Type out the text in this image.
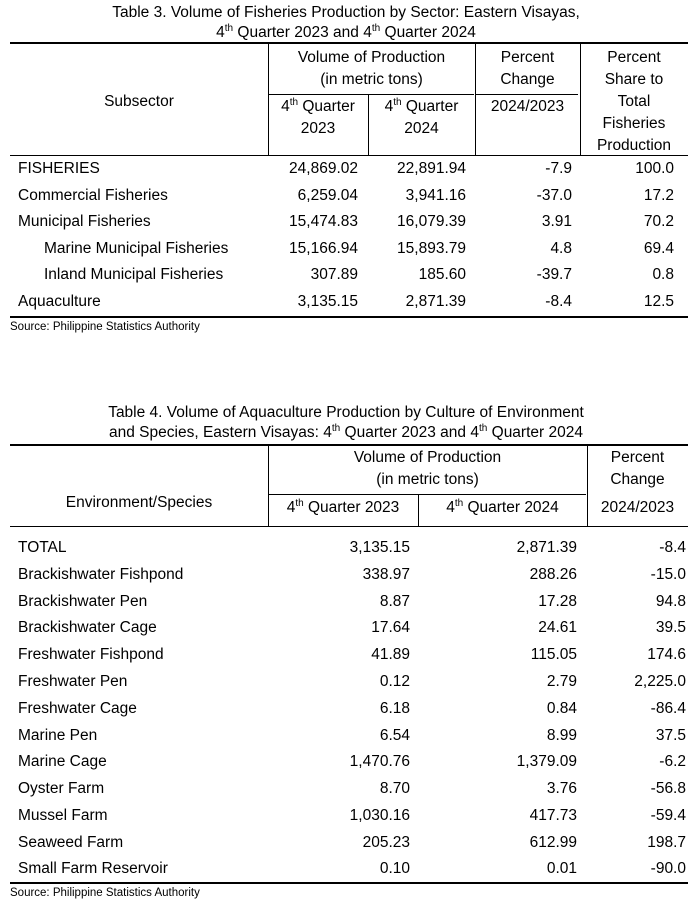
Table 3. Volume of Fisheries Production by Sector: Eastern Visayas,
4th Quarter 2023 and 4th Quarter 2024
Subsector
Volume of Production
(in metric tons)
4th Quarter
2023
4th Quarter
2024
Percent
Change
2024/2023
Percent
Share to
Total
Fisheries
Production
FISHERIES	24,869.02	22,891.94	-7.9	100.0
Commercial Fisheries	6,259.04	3,941.16	-37.0	17.2
Municipal Fisheries	15,474.83	16,079.39	3.91	70.2
Marine Municipal Fisheries	15,166.94	15,893.79	4.8	69.4
Inland Municipal Fisheries	307.89	185.60	-39.7	0.8
Aquaculture	3,135.15	2,871.39	-8.4	12.5
Source: Philippine Statistics Authority
Table 4. Volume of Aquaculture Production by Culture of Environment
and Species, Eastern Visayas: 4th Quarter 2023 and 4th Quarter 2024
Environment/Species
Volume of Production
(in metric tons)
4th Quarter 2023	4th Quarter 2024
Percent
Change
2024/2023
TOTAL	3,135.15	2,871.39	-8.4
Brackishwater Fishpond	338.97	288.26	-15.0
Brackishwater Pen	8.87	17.28	94.8
Brackishwater Cage	17.64	24.61	39.5
Freshwater Fishpond	41.89	115.05	174.6
Freshwater Pen	0.12	2.79	2,225.0
Freshwater Cage	6.18	0.84	-86.4
Marine Pen	6.54	8.99	37.5
Marine Cage	1,470.76	1,379.09	-6.2
Oyster Farm	8.70	3.76	-56.8
Mussel Farm	1,030.16	417.73	-59.4
Seaweed Farm	205.23	612.99	198.7
Small Farm Reservoir	0.10	0.01	-90.0
Source: Philippine Statistics Authority
